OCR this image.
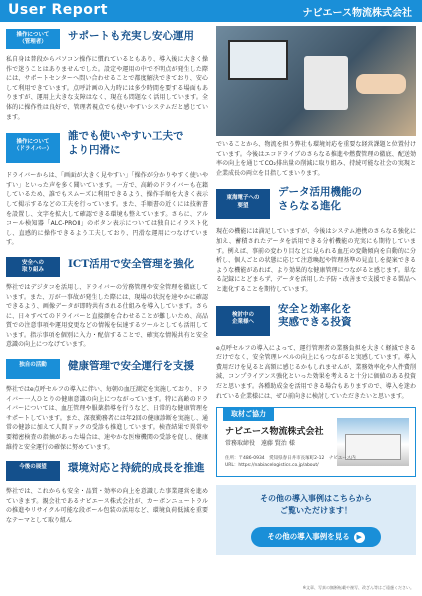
User Report	ナビエース物流株式会社
操作について
（管理者）
サポートも充実し安心運用

私自身は普段からパソコン操作に慣れているともあり、導入後に大きく操作で迷うことはありませんでした。設定や運用の中で不明点が発生した際には、サポートセンターへ問い合わせることで都度解決できており、安心して利用できています。点呼計画の入力時には多少時間を要する場面もありますが、運用上大きな支障はなく、現在も問題なく活用しています。全体的に操作性は良好で、管理者視点でも使いやすいシステムだと感じています。

操作について
（ドライバー）
誰でも使いやすい工夫で
より円滑に

ドライバーからは、「画面が大きく見やすい」「操作が分かりやすく使いやすい」といった声を多く聞いています。一方で、高齢のドライバーも在籍しているため、誰でもスムーズに利用できるよう、操作手順を大きく表示して掲示するなどの工夫を行っています。また、手順書の近くには技術書を設置し、文字を拡大して確認できる環境も整えています。さらに、アルコール検知器「ALC-PROⅡ」のボタン表示については独自にイラスト化し、直感的に操作できるよう工夫しており、円滑な運用につなげています。

安全への
取り組み
ICT活用で安全管理を強化

弊社ではデジタコを活用し、ドライバーの労務管理や安全管理を徹底しています。また、万が一事故が発生した際には、現場の状況を速やかに確認できるよう、画像データが即時共有される仕組みを導入しています。さらに、日々すべてのドライバーと直接顔を合わせることが難しいため、高品質での注意事項や運用変更などの情報を伝達するツールとしても活用しています。指示事項を個別に入力・配信することで、確実な情報共有と安全意識の向上につなげています。

独自の活動	健康管理で安全運行を支援

弊社ではe点呼セルフの導入に伴い、毎朝の血圧測定を実施しており、ドライバー一人ひとりの健康意識の向上につながっています。特に高齢のドライバーについては、血圧管理や服薬指導を行うなど、日常的な健康管理をサポートしています。また、深夜勤務者には年2回の健康診断を実施し、通常の健診に加えて人間ドックの受診も推進しています。検査結果で異常や要精密検査の指摘があった場合は、速やかな医療機関の受診を促し、健康維持と安全運行の確保に努めています。

今後の展望	環境対応と持続的成長を推進

弊社では、これからも安全・品質・効率の向上を意識した事業運営を進めていきます。親会社であるナビエース株式会社が、カーボンニュートラルの推進やリサイクル可能な段ボール包装の活用など、環境負荷低減を重要なテーマとして取り組ん

でいることから、物流を担う弊社も環境対応を重要な経営課題と位置付けています。今後はエコドライブのさらなる推進や燃費管理の徹底、配送効率の向上を通じてCO₂排出量の削減に取り組み、持続可能な社会の実現と企業成長の両立を目指してまいります。

東海電子への
要望
データ活用機能の
さらなる進化

現在の機能には満足していますが、今後はシステム連携のさらなる強化に加え、蓄積されたデータを活用できる分析機能の充実にも期待しています。例えば、事前の変わり目などに見られる血圧の変動傾向を自動的に分析し、個人ごとの状態に応じて注意喚起や管理基準の見直しを提案できるような機能があれば、より効果的な健康管理につながると感じます。単なる記録にとどまらず、データを活用した予防・改善まで支援できる製品へと進化することを期待しています。

検討中の
企業様へ
安全と効率化を
実感できる投資

e点呼セルフの導入によって、運行管理者の業務負担を大きく軽減できるだけでなく、安全管理レベルの向上にもつながると実感しています。導入費用だけを見ると高額に感じるかもしれませんが、業務効率化や人件費削減、コンプライアンス強化といった効果を考えると十分に価値のある投資だと思います。各種助成金を活用できる場合もありますので、導入を迷われている企業様には、ぜひ前向きに検討していただきたいと思います。

取材ご協力
ナビエース物流株式会社
常務取締役　遠藤 賢治 様
住所：〒486-0934　愛知県春日井市長塚町2-12　ナビエース内
URL：https://nabiacelogistics.co.jp/about/
その他の導入事例はこちらから
ご覧いただけます！
その他の導入事例を見る ▶
※文章、写真の無断転載や複写、改ざん等はご遠慮ください。
